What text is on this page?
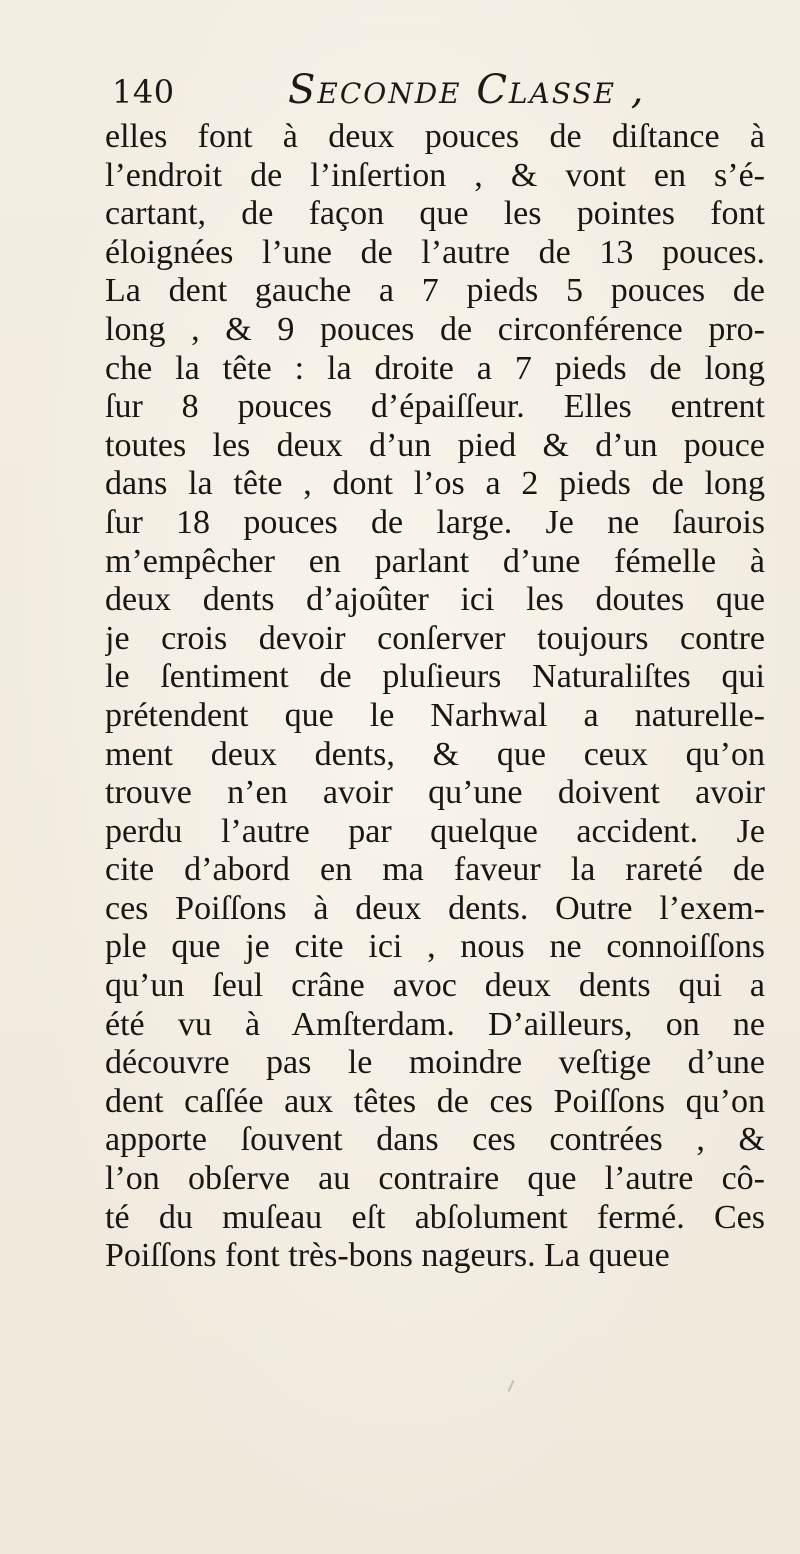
140	Seconde Classe ,
elles font à deux pouces de diſtance à
l’endroit de l’inſertion , & vont en s’é-
cartant, de façon que les pointes font
éloignées l’une de l’autre de 13 pouces.
La dent gauche a 7 pieds 5 pouces de
long , & 9 pouces de circonférence pro-
che la tête : la droite a 7 pieds de long
ſur 8 pouces d’épaiſſeur. Elles entrent
toutes les deux d’un pied & d’un pouce
dans la tête , dont l’os a 2 pieds de long
ſur 18 pouces de large. Je ne ſaurois
m’empêcher en parlant d’une fémelle à
deux dents d’ajoûter ici les doutes que
je crois devoir conſerver toujours contre
le ſentiment de pluſieurs Naturaliſtes qui
prétendent que le Narhwal a naturelle-
ment deux dents, & que ceux qu’on
trouve n’en avoir qu’une doivent avoir
perdu l’autre par quelque accident. Je
cite d’abord en ma faveur la rareté de
ces Poiſſons à deux dents. Outre l’exem-
ple que je cite ici , nous ne connoiſſons
qu’un ſeul crâne avoc deux dents qui a
été vu à Amſterdam. D’ailleurs, on ne
découvre pas le moindre veſtige d’une
dent caſſée aux têtes de ces Poiſſons qu’on
apporte ſouvent dans ces contrées , &
l’on obſerve au contraire que l’autre cô-
té du muſeau eſt abſolument fermé. Ces
Poiſſons font très-bons nageurs. La queue
